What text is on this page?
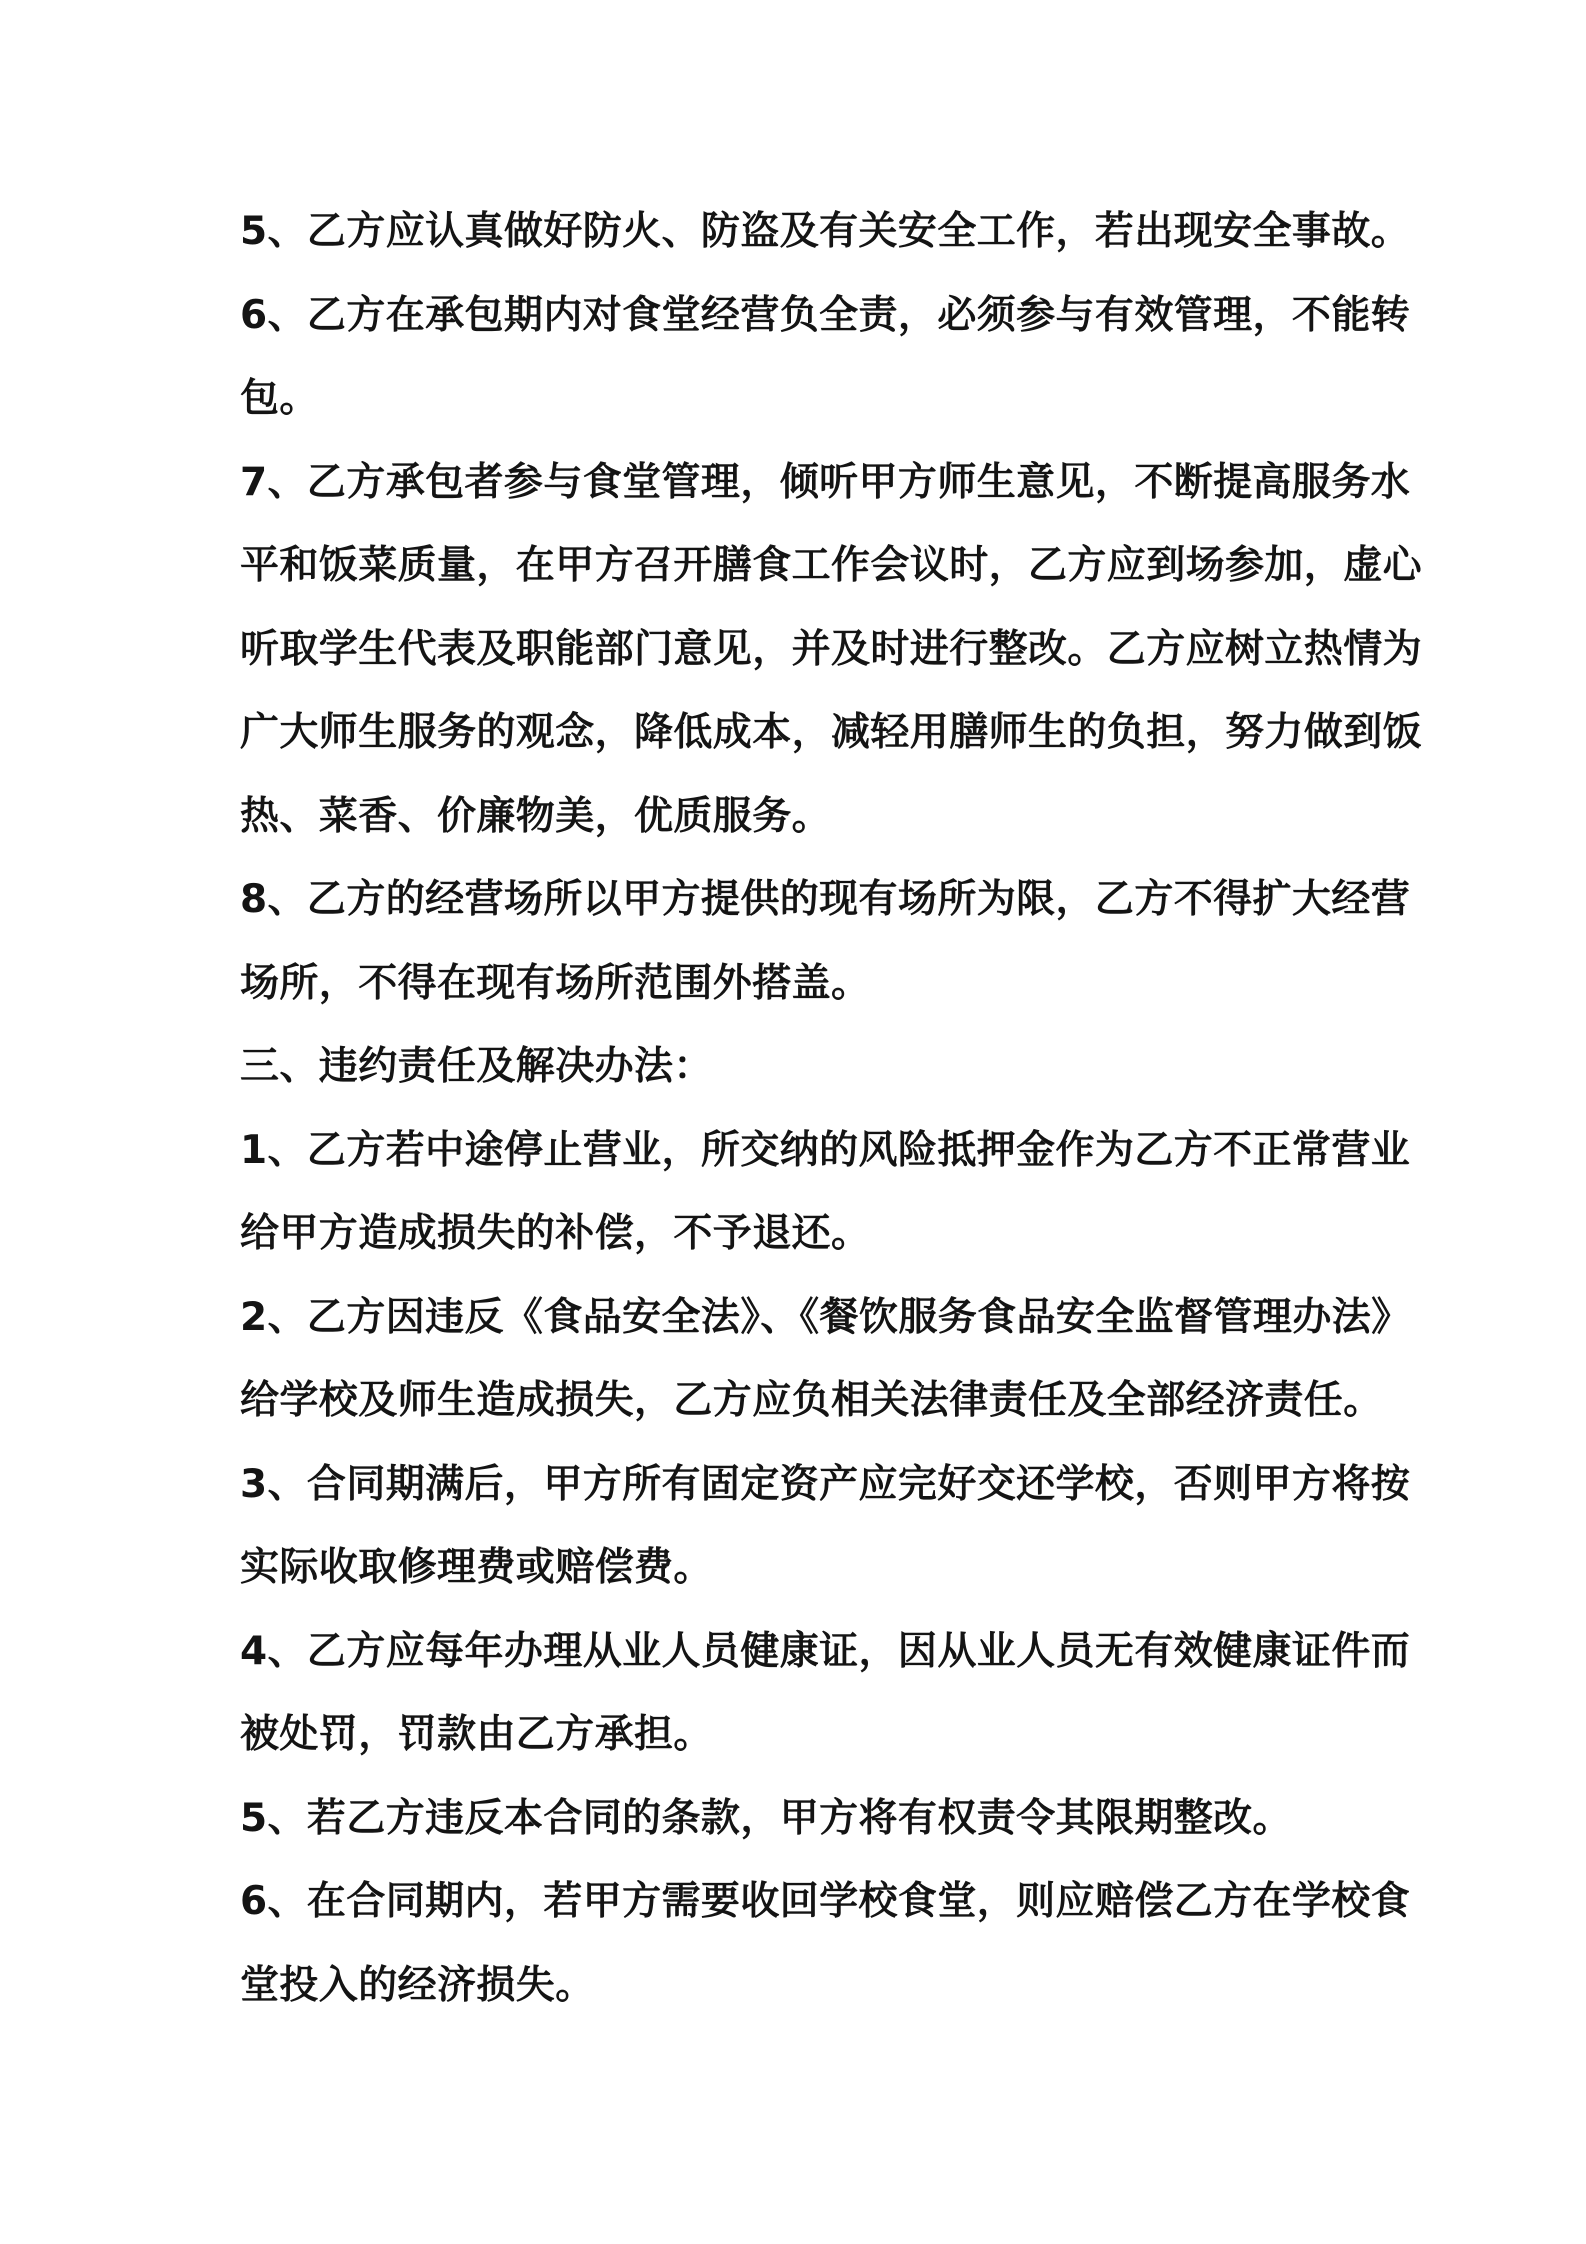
5、乙方应认真做好防火、防盗及有关安全工作，若出现安全事故。
6、乙方在承包期内对食堂经营负全责，必须参与有效管理，不能转
包。
7、乙方承包者参与食堂管理，倾听甲方师生意见，不断提高服务水
平和饭菜质量，在甲方召开膳食工作会议时，乙方应到场参加，虚心
听取学生代表及职能部门意见，并及时进行整改。乙方应树立热情为
广大师生服务的观念，降低成本，减轻用膳师生的负担，努力做到饭
热、菜香、价廉物美，优质服务。
8、乙方的经营场所以甲方提供的现有场所为限，乙方不得扩大经营
场所，不得在现有场所范围外搭盖。
三、违约责任及解决办法：
1、乙方若中途停止营业，所交纳的风险抵押金作为乙方不正常营业
给甲方造成损失的补偿，不予退还。
2、乙方因违反《食品安全法》、《餐饮服务食品安全监督管理办法》
给学校及师生造成损失，乙方应负相关法律责任及全部经济责任。
3、合同期满后，甲方所有固定资产应完好交还学校，否则甲方将按
实际收取修理费或赔偿费。
4、乙方应每年办理从业人员健康证，因从业人员无有效健康证件而
被处罚，罚款由乙方承担。
5、若乙方违反本合同的条款，甲方将有权责令其限期整改。
6、在合同期内，若甲方需要收回学校食堂，则应赔偿乙方在学校食
堂投入的经济损失。
